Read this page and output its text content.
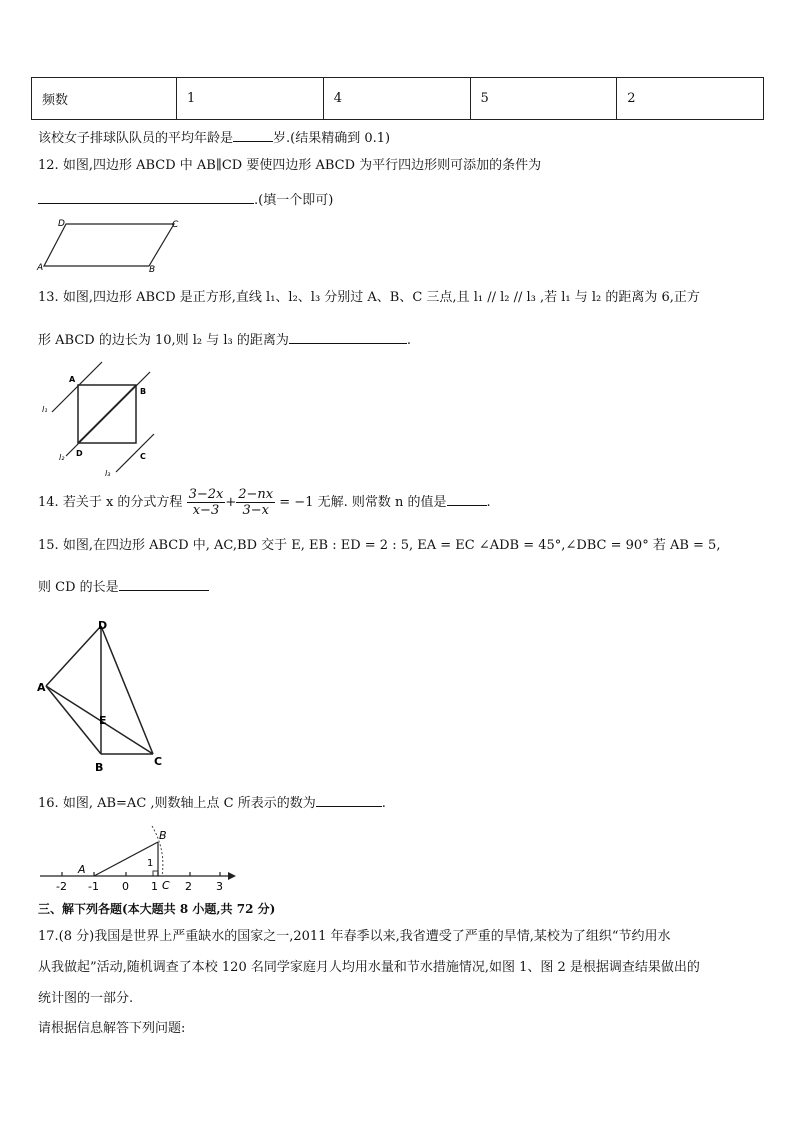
频数	1	4	5	2
该校女子排球队队员的平均年龄是	岁.(结果精确到 0.1)
12. 如图,四边形 ABCD 中 AB∥CD 要使四边形 ABCD 为平行四边形则可添加的条件为
.(填一个即可)
D	C
A	B
13. 如图,四边形 ABCD 是正方形,直线 l₁、l₂、l₃ 分别过 A、B、C 三点,且 l₁ // l₂ // l₃ ,若 l₁ 与 l₂ 的距离为 6,正方
形 ABCD 的边长为 10,则 l₂ 与 l₃ 的距离为	.
A
B
C
D
l₁
l₂
l₃
14. 若关于 x 的分式方程 $\frac{3-2x}{x-3} + \frac{2-nx}{3-x} = -1$ 无解. 则常数 n 的值是	.
15. 如图,在四边形 ABCD 中, AC,BD 交于 E, EB : ED = 2 : 5, EA = EC ∠ADB = 45°,∠DBC = 90° 若 AB = 5,
则 CD 的长是
D
A
E
B	C
16. 如图, AB=AC ,则数轴上点 C 所表示的数为	.
A
B
C
1
-2 -1 0 1 2 3
三、解下列各题(本大题共 8 小题,共 72 分)
17.(8 分)我国是世界上严重缺水的国家之一,2011 年春季以来,我省遭受了严重的旱情,某校为了组织“节约用水
从我做起”活动,随机调查了本校 120 名同学家庭月人均用水量和节水措施情况,如图 1、图 2 是根据调查结果做出的
统计图的一部分.
请根据信息解答下列问题:
